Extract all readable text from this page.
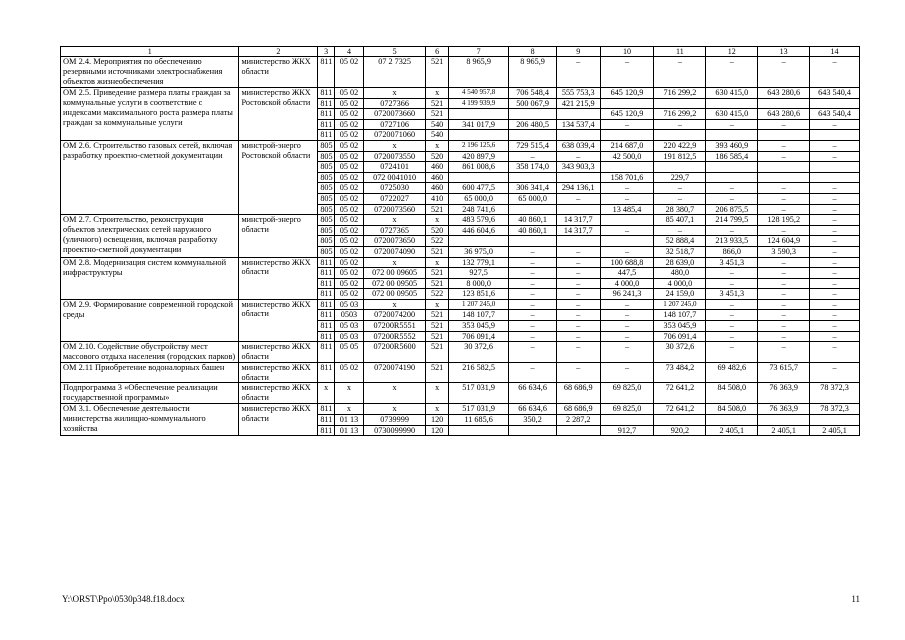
1	2	3	4	5	6	7	8	9	10	11	12	13	14
ОМ 2.4. Мероприятия по обеспечению резервными источниками электроснабжения объектов жизнеобеспечения	министерство ЖКХ области	811	05 02	07 2 7325	521	8 965,9	8 965,9	–	–	–	–	–	–
ОМ 2.5. Приведение размера платы граждан за коммунальные услуги в соответствие с индексами максимального роста размера платы граждан за коммунальные услуги	министерство ЖКХ Ростовской области	811	05 02	х	х	4 540 957,8	706 548,4	555 753,3	645 120,9	716 299,2	630 415,0	643 280,6	643 540,4
		811	05 02	0727366	521	4 199 939,9	500 067,9	421 215,9					
		811	05 02	0720073660	521				645 120,9	716 299,2	630 415,0	643 280,6	643 540,4
		811	05 02	0727106	540	341 017,9	206 480,5	134 537,4	–	–	–	–	–
		811	05 02	0720071060	540								
ОМ 2.6. Строительство газовых сетей, включая разработку проектно-сметной документации	минстрой-энерго Ростовской области	805	05 02	х	х	2 196 125,6	729 515,4	638 039,4	214 687,0	220 422,9	393 460,9	–	–
		805	05 02	0720073550	520	420 897,9	–	–	42 500,0	191 812,5	186 585,4	–	–
		805	05 02	0724101	460	861 008,6	358 174,0	343 903,3					
		805	05 02	072 0041010	460				158 701,6	229,7			
		805	05 02	0725030	460	600 477,5	306 341,4	294 136,1	–	–	–	–	–
		805	05 02	0722027	410	65 000,0	65 000,0	–	–	–	–	–	–
		805	05 02	0720073560	521	248 741,6			13 485,4	28 380,7	206 875,5	–	–
ОМ 2.7. Строительство, реконструкция объектов электрических сетей наружного (уличного) освещения, включая разработку проектно-сметной документации	минстрой-энерго области	805	05 02	х	х	483 579,6	40 860,1	14 317,7		85 407,1	214 799,5	128 195,2	–
		805	05 02	0727365	520	446 604,6	40 860,1	14 317,7	–	–	–	–	–
		805	05 02	0720073650	522					52 888,4	213 933,5	124 604,9	–
		805	05 02	0720074090	521	36 975,0	–	–	–	32 518,7	866,0	3 590,3	–
ОМ 2.8. Модернизация систем коммунальной инфраструктуры	министерство ЖКХ области	811	05 02	х	х	132 779,1	–	–	100 688,8	28 639,0	3 451,3	–	–
		811	05 02	072 00 09605	521	927,5	–	–	447,5	480,0	–	–	–
		811	05 02	072 00 09505	521	8 000,0	–	–	4 000,0	4 000,0	–	–	–
		811	05 02	072 00 09505	522	123 851,6	–	–	96 241,3	24 159,0	3 451,3	–	–
ОМ 2.9. Формирование современной городской среды	министерство ЖКХ области	811	05 03	х	х	1 207 245,0	–	–	–	1 207 245,0	–	–	–
		811	0503	0720074200	521	148 107,7	–	–	–	148 107,7	–	–	–
		811	05 03	07200R5551	521	353 045,9	–	–	–	353 045,9	–	–	–
		811	05 03	07200R5552	521	706 091,4	–	–	–	706 091,4	–	–	–
ОМ 2.10. Содействие обустройству мест массового отдыха населения (городских парков)	министерство ЖКХ области	811	05 05	07200R5600	521	30 372,6	–	–	–	30 372,6	–	–	–
ОМ 2.11 Приобретение водоналорных башен	министерство ЖКХ области	811	05 02	0720074190	521	216 582,5	–	–	–	73 484,2	69 482,6	73 615,7	–
Подпрограмма 3 «Обеспечение реализации государственной программы»	министерство ЖКХ области	х	х	х	х	517 031,9	66 634,6	68 686,9	69 825,0	72 641,2	84 508,0	76 363,9	78 372,3
ОМ 3.1. Обеспечение деятельности министерства жилищно-коммунального хозяйства	министерство ЖКХ области	811	х	х	х	517 031,9	66 634,6	68 686,9	69 825,0	72 641,2	84 508,0	76 363,9	78 372,3
		811	01 13	0739999	120	11 685,6	350,2	2 287,2					
		811	01 13	0730099990	120				912,7	920,2	2 405,1	2 405,1	2 405,1
Y:\ORST\Ppo\0530p348.f18.docx	11
